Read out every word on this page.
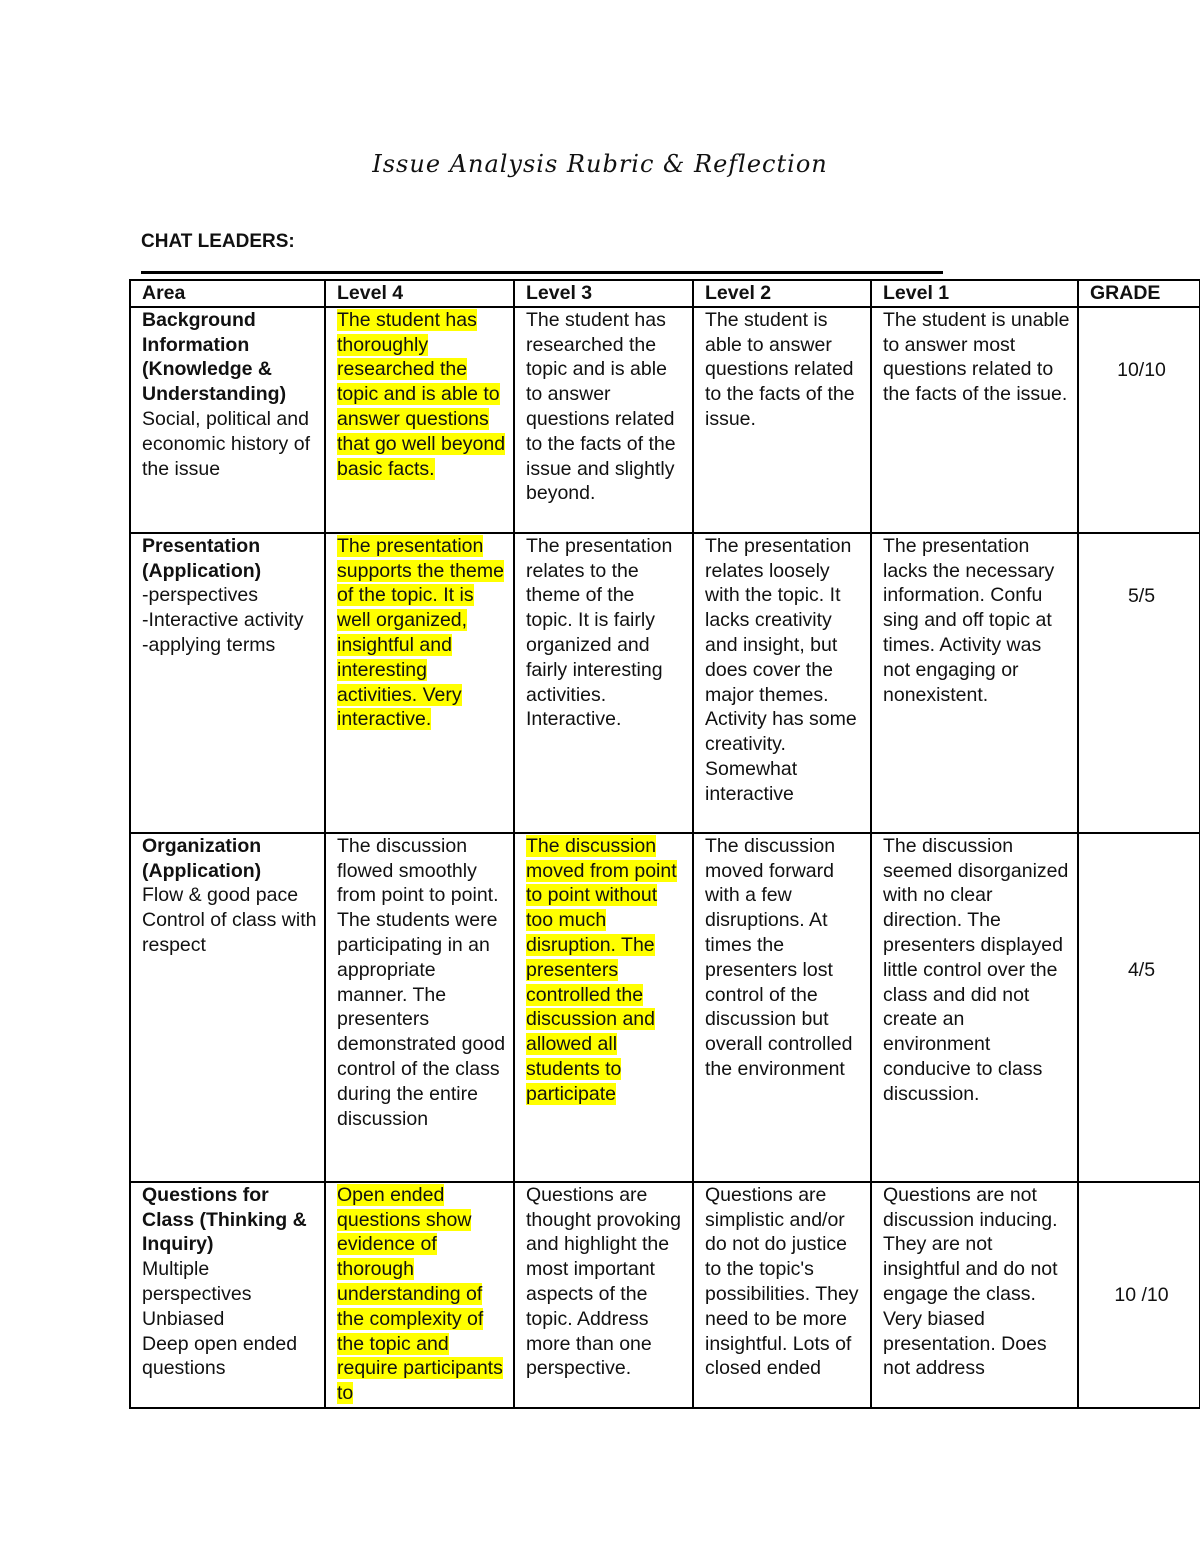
Issue Analysis Rubric & Reflection
CHAT LEADERS:
Area	Level 4	Level 3	Level 2	Level 1	GRADE

Background Information (Knowledge & Understanding)
Social, political and economic history of the issue	The student has thoroughly researched the topic and is able to answer questions that go well beyond basic facts.	The student has researched the topic and is able to answer questions related to the facts of the issue and slightly beyond.	The student is able to answer questions related to the facts of the issue.	The student is unable to answer most questions related to the facts of the issue.	10/10

Presentation (Application)
-perspectives
-Interactive activity
-applying terms	The presentation supports the theme of the topic. It is well organized, insightful and interesting activities. Very interactive.	The presentation relates to the theme of the topic. It is fairly organized and fairly interesting activities. Interactive.	The presentation relates loosely with the topic. It lacks creativity and insight, but does cover the major themes. Activity has some creativity. Somewhat interactive	The presentation lacks the necessary information. Confu sing and off topic at times. Activity was not engaging or nonexistent.	5/5

Organization (Application)
Flow & good pace
Control of class with respect	The discussion flowed smoothly from point to point. The students were participating in an appropriate manner. The presenters demonstrated good control of the class during the entire discussion	The discussion moved from point to point without too much disruption. The presenters controlled the discussion and allowed all students to participate	The discussion moved forward with a few disruptions. At times the presenters lost control of the discussion but overall controlled the environment	The discussion seemed disorganized with no clear direction. The presenters displayed little control over the class and did not create an environment conducive to class discussion.	4/5

Questions for Class (Thinking & Inquiry)
Multiple perspectives
Unbiased
Deep open ended questions	Open ended questions show evidence of thorough understanding of the complexity of the topic and require participants to	Questions are thought provoking and highlight the most important aspects of the topic. Address more than one perspective.	Questions are simplistic and/or do not do justice to the topic's possibilities. They need to be more insightful. Lots of closed ended	Questions are not discussion inducing. They are not insightful and do not engage the class. Very biased presentation. Does not address	10 /10
